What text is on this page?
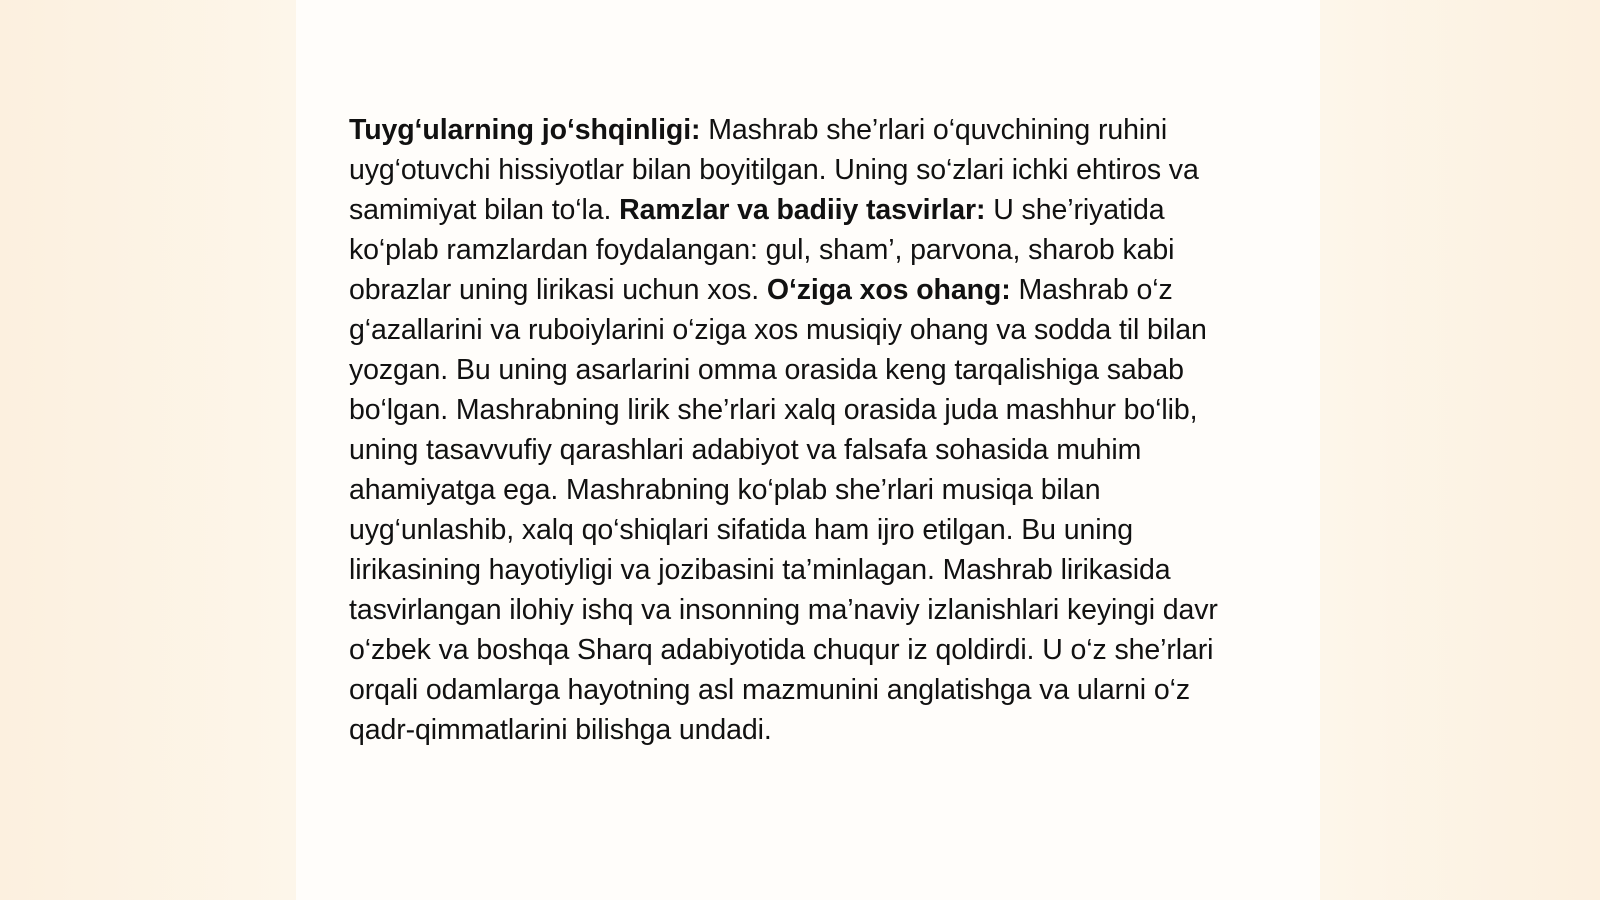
Tuyg‘ularning jo‘shqinligi: Mashrab she’rlari o‘quvchining ruhini uyg‘otuvchi hissiyotlar bilan boyitilgan. Uning so‘zlari ichki ehtiros va samimiyat bilan to‘la. Ramzlar va badiiy tasvirlar: U she’riyatida ko‘plab ramzlardan foydalangan: gul, sham’, parvona, sharob kabi obrazlar uning lirikasi uchun xos. O‘ziga xos ohang: Mashrab o‘z g‘azallarini va ruboiylarini o‘ziga xos musiqiy ohang va sodda til bilan yozgan. Bu uning asarlarini omma orasida keng tarqalishiga sabab bo‘lgan. Mashrabning lirik she’rlari xalq orasida juda mashhur bo‘lib, uning tasavvufiy qarashlari adabiyot va falsafa sohasida muhim ahamiyatga ega. Mashrabning ko‘plab she’rlari musiqa bilan uyg‘unlashib, xalq qo‘shiqlari sifatida ham ijro etilgan. Bu uning lirikasining hayotiyligi va jozibasini ta’minlagan. Mashrab lirikasida tasvirlangan ilohiy ishq va insonning ma’naviy izlanishlari keyingi davr o‘zbek va boshqa Sharq adabiyotida chuqur iz qoldirdi. U o‘z she’rlari orqali odamlarga hayotning asl mazmunini anglatishga va ularni o‘z qadr-qimmatlarini bilishga undadi.
